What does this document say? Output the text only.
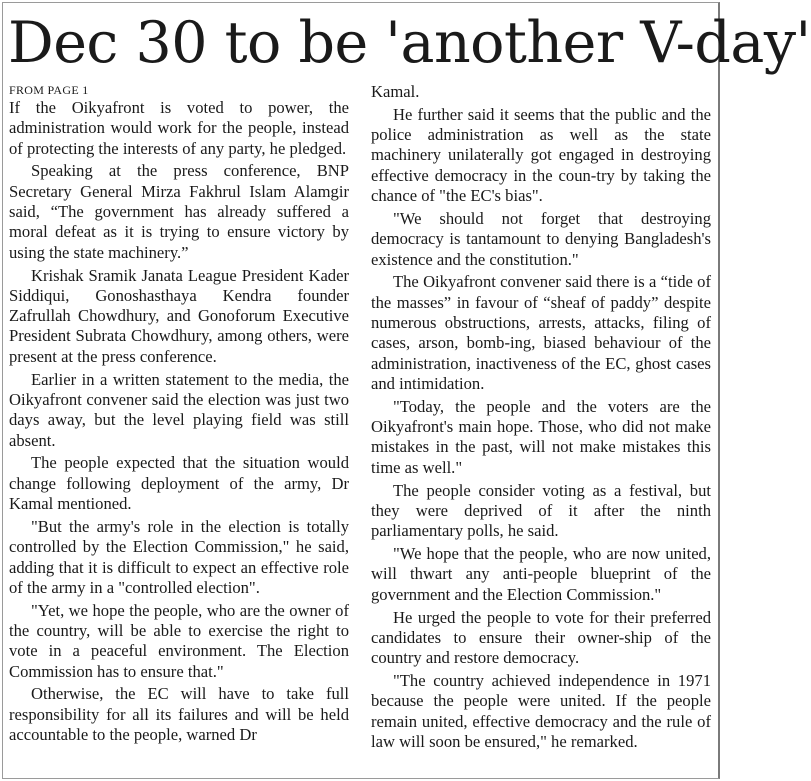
Dec 30 to be 'another V-day'
FROM PAGE 1

If the Oikyafront is voted to power, the administration would work for the people, instead of protecting the interests of any party, he pledged.

Speaking at the press conference, BNP Secretary General Mirza Fakhrul Islam Alamgir said, “The government has already suffered a moral defeat as it is trying to ensure victory by using the state machinery.”

Krishak Sramik Janata League President Kader Siddiqui, Gonoshasthaya Kendra founder Zafrullah Chowdhury, and Gonoforum Executive President Subrata Chowdhury, among others, were present at the press conference.

Earlier in a written statement to the media, the Oikyafront convener said the election was just two days away, but the level playing field was still absent.

The people expected that the situation would change following deployment of the army, Dr Kamal mentioned.

"But the army's role in the election is totally controlled by the Election Commission," he said, adding that it is difficult to expect an effective role of the army in a "controlled election".

"Yet, we hope the people, who are the owner of the country, will be able to exercise the right to vote in a peaceful environment. The Election Commission has to ensure that."

Otherwise, the EC will have to take full responsibility for all its failures and will be held accountable to the people, warned Dr

Kamal.

He further said it seems that the public and the police administration as well as the state machinery unilaterally got engaged in destroying effective democracy in the coun-try by taking the chance of "the EC's bias".

"We should not forget that destroying democracy is tantamount to denying Bangladesh's existence and the constitution."

The Oikyafront convener said there is a “tide of the masses” in favour of “sheaf of paddy” despite numerous obstructions, arrests, attacks, filing of cases, arson, bomb-ing, biased behaviour of the administration, inactiveness of the EC, ghost cases and intimidation.

"Today, the people and the voters are the Oikyafront's main hope. Those, who did not make mistakes in the past, will not make mistakes this time as well."

The people consider voting as a festival, but they were deprived of it after the ninth parliamentary polls, he said.

"We hope that the people, who are now united, will thwart any anti-people blueprint of the government and the Election Commission."

He urged the people to vote for their preferred candidates to ensure their owner-ship of the country and restore democracy.

"The country achieved independence in 1971 because the people were united. If the people remain united, effective democracy and the rule of law will soon be ensured," he remarked.
